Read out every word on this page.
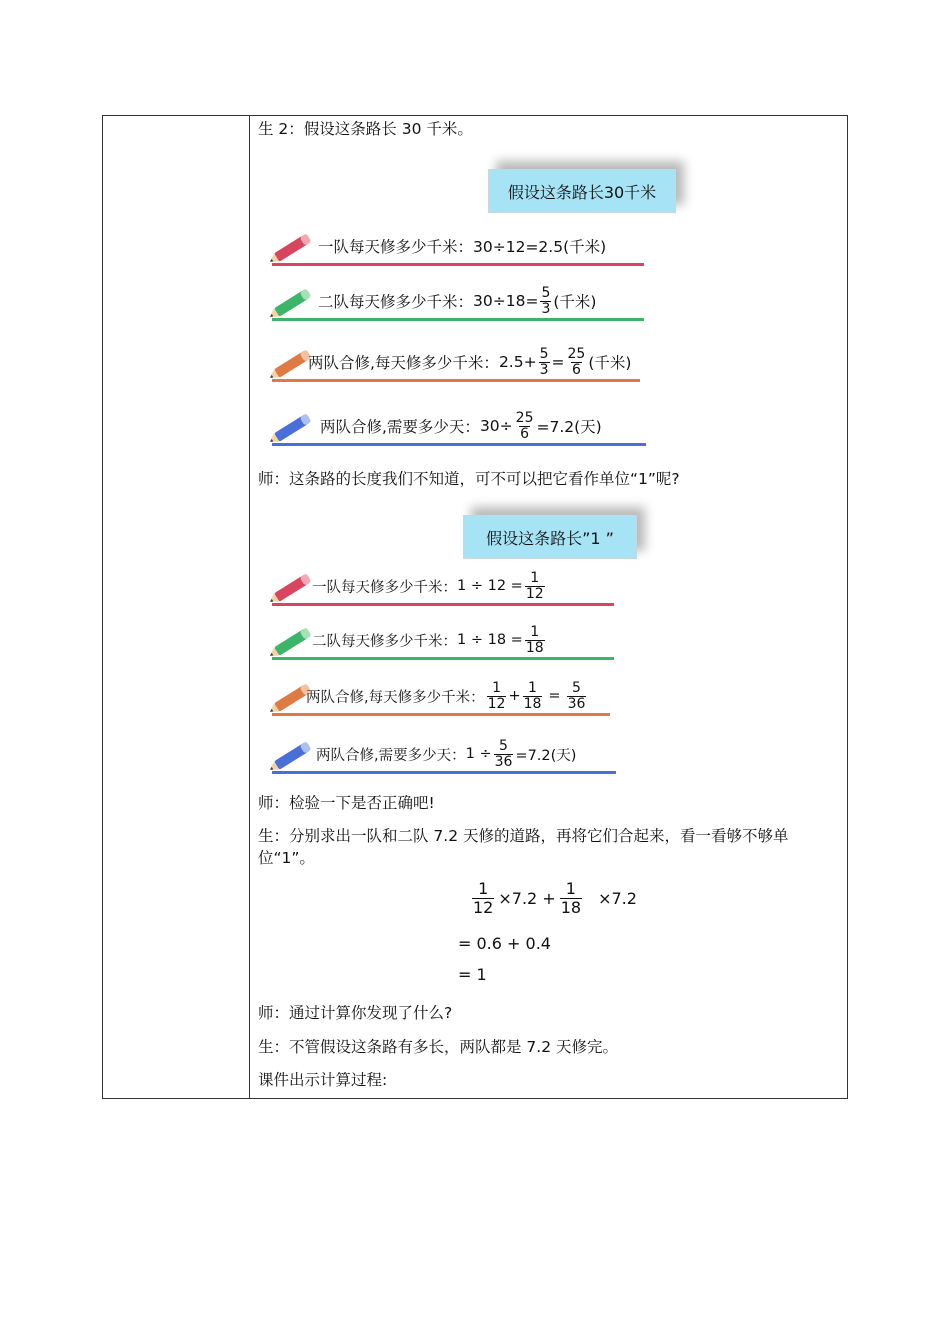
生 2：假设这条路长 30 千米。
假设这条路长30千米
一队每天修多少千米： 30÷12=2.5(千米)
二队每天修多少千米： $30\div 18= \frac{5}{3}$ (千米)
两队合修,每天修多少千米： $2.5+ \frac{5}{3} = \frac{25}{6}$ (千米)
两队合修,需要多少天： $30\div \frac{25}{6} =7.2$(天)
师：这条路的长度我们不知道，可不可以把它看作单位“1”呢?
假设这条路长”1 ”
一队每天修多少千米： $1 \div 12 = \frac{1}{12}$
二队每天修多少千米： $1 \div 18 = \frac{1}{18}$
两队合修,每天修多少千米： $\frac{1}{12} + \frac{1}{18} = \frac{5}{36}$
两队合修,需要多少天： $1 \div \frac{5}{36} =7.2$(天)
师：检验一下是否正确吧!
生：分别求出一队和二队 7.2 天修的道路，再将它们合起来，看一看够不够单位“1”。
$\frac{1}{12} \times 7.2 + \frac{1}{18} \times 7.2$
= 0.6 + 0.4
= 1
师：通过计算你发现了什么?
生：不管假设这条路有多长，两队都是 7.2 天修完。
课件出示计算过程:
